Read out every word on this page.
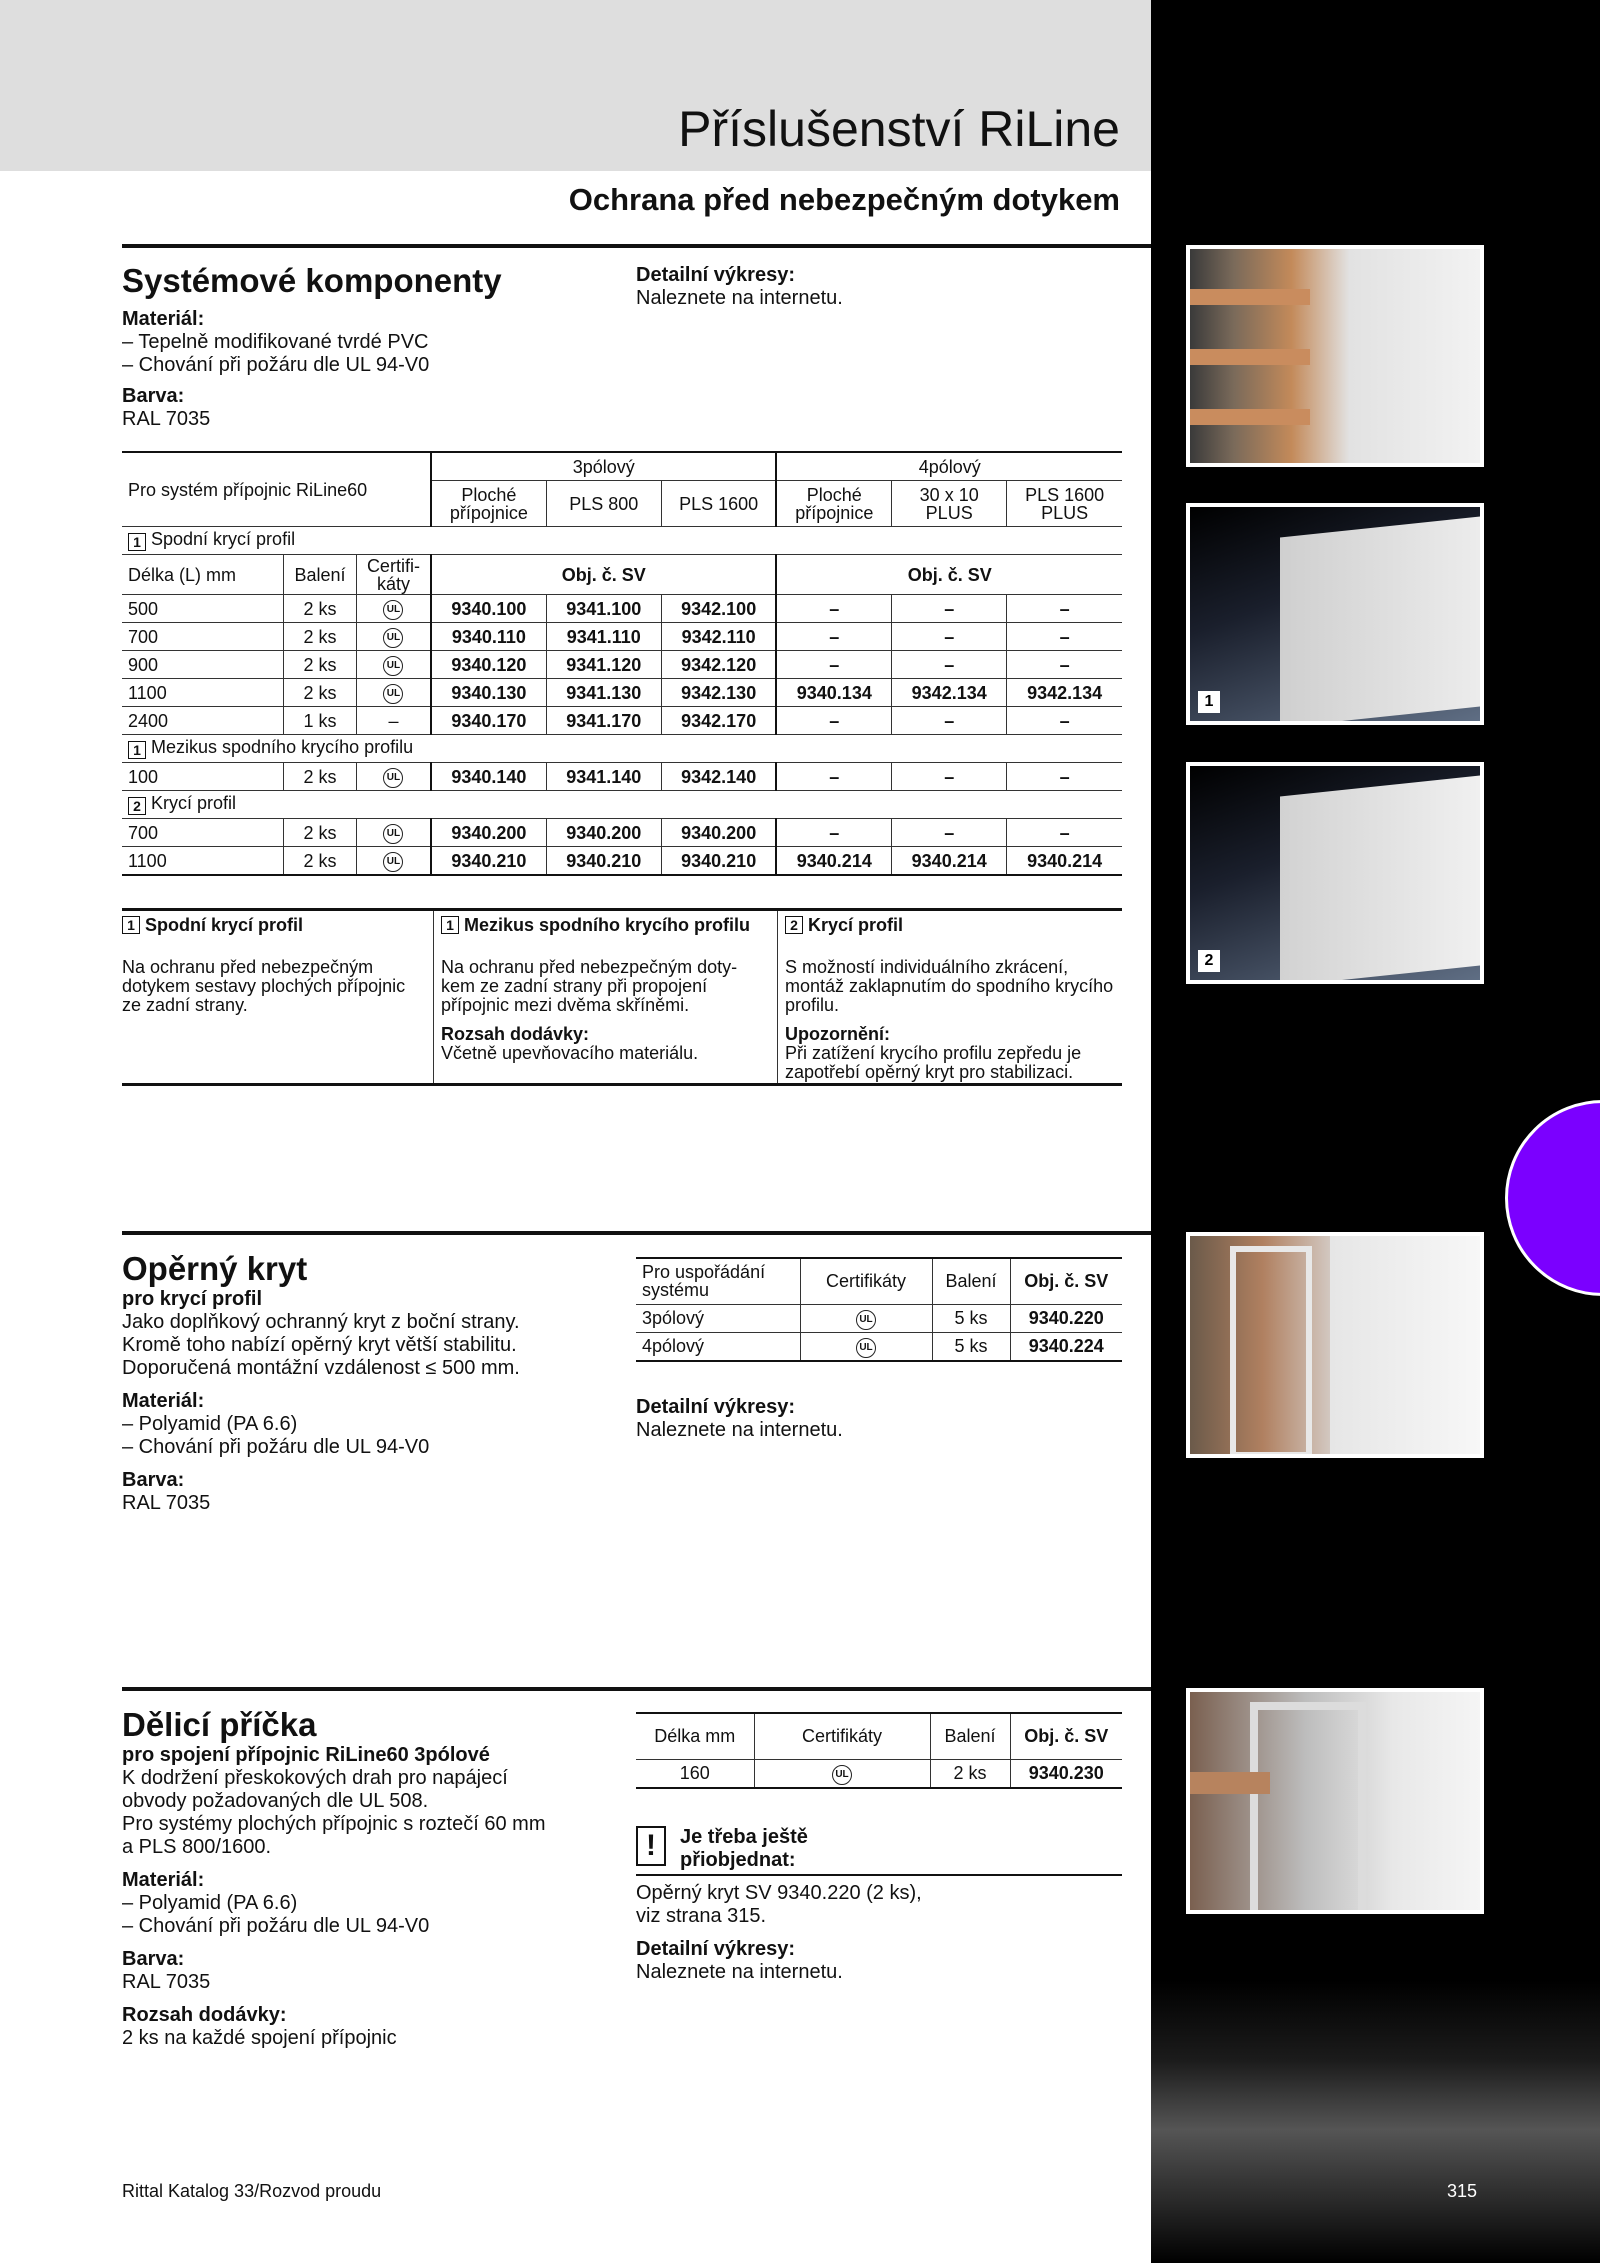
Příslušenství RiLine
Ochrana před nebezpečným dotykem
Systémové komponenty
Materiál:
– Tepelně modifikované tvrdé PVC
– Chování při požáru dle UL 94-V0
Barva:
RAL 7035
Detailní výkresy:
Naleznete na internetu.
Pro systém přípojnic RiLine60			3pólový			4pólový		
			Ploché přípojnice	PLS 800	PLS 1600	Ploché přípojnice	30 x 10 PLUS	PLS 1600 PLUS
1 Spodní krycí profil								
Délka (L) mm	Balení	Certifi-káty	Obj. č. SV			Obj. č. SV		
500	2 ks	UL	9340.100	9341.100	9342.100	–	–	–
700	2 ks	UL	9340.110	9341.110	9342.110	–	–	–
900	2 ks	UL	9340.120	9341.120	9342.120	–	–	–
1100	2 ks	UL	9340.130	9341.130	9342.130	9340.134	9342.134	9342.134
2400	1 ks	–	9340.170	9341.170	9342.170	–	–	–
1 Mezikus spodního krycího profilu								
100	2 ks	UL	9340.140	9341.140	9342.140	–	–	–
2 Krycí profil								
700	2 ks	UL	9340.200	9340.200	9340.200	–	–	–
1100	2 ks	UL	9340.210	9340.210	9340.210	9340.214	9340.214	9340.214
1 Spodní krycí profil
Na ochranu před nebezpečným dotykem sestavy plochých přípojnic ze zadní strany.
1 Mezikus spodního krycího profilu
Na ochranu před nebezpečným doty-kem ze zadní strany při propojení přípojnic mezi dvěma skříněmi.
Rozsah dodávky:
Včetně upevňovacího materiálu.
2 Krycí profil
S možností individuálního zkrácení, montáž zaklapnutím do spodního krycího profilu.
Upozornění:
Při zatížení krycího profilu zepředu je zapotřebí opěrný kryt pro stabilizaci.
Opěrný kryt
pro krycí profil
Jako doplňkový ochranný kryt z boční strany.
Kromě toho nabízí opěrný kryt větší stabilitu.
Doporučená montážní vzdálenost ≤ 500 mm.
Materiál:
– Polyamid (PA 6.6)
– Chování při požáru dle UL 94-V0
Barva:
RAL 7035
Pro uspořádání systému	Certifikáty	Balení	Obj. č. SV
3pólový	UL	5 ks	9340.220
4pólový	UL	5 ks	9340.224
Detailní výkresy:
Naleznete na internetu.
Dělicí příčka
pro spojení přípojnic RiLine60 3pólové
K dodržení přeskokových drah pro napájecí
obvody požadovaných dle UL 508.
Pro systémy plochých přípojnic s roztečí 60 mm
a PLS 800/1600.
Materiál:
– Polyamid (PA 6.6)
– Chování při požáru dle UL 94-V0
Barva:
RAL 7035
Rozsah dodávky:
2 ks na každé spojení přípojnic
Délka mm	Certifikáty	Balení	Obj. č. SV
160	UL	2 ks	9340.230
!	Je třeba ještě přiobjednat:
Opěrný kryt SV 9340.220 (2 ks),
viz strana 315.
Detailní výkresy:
Naleznete na internetu.
1
2
Rittal Katalog 33/Rozvod proudu	315
